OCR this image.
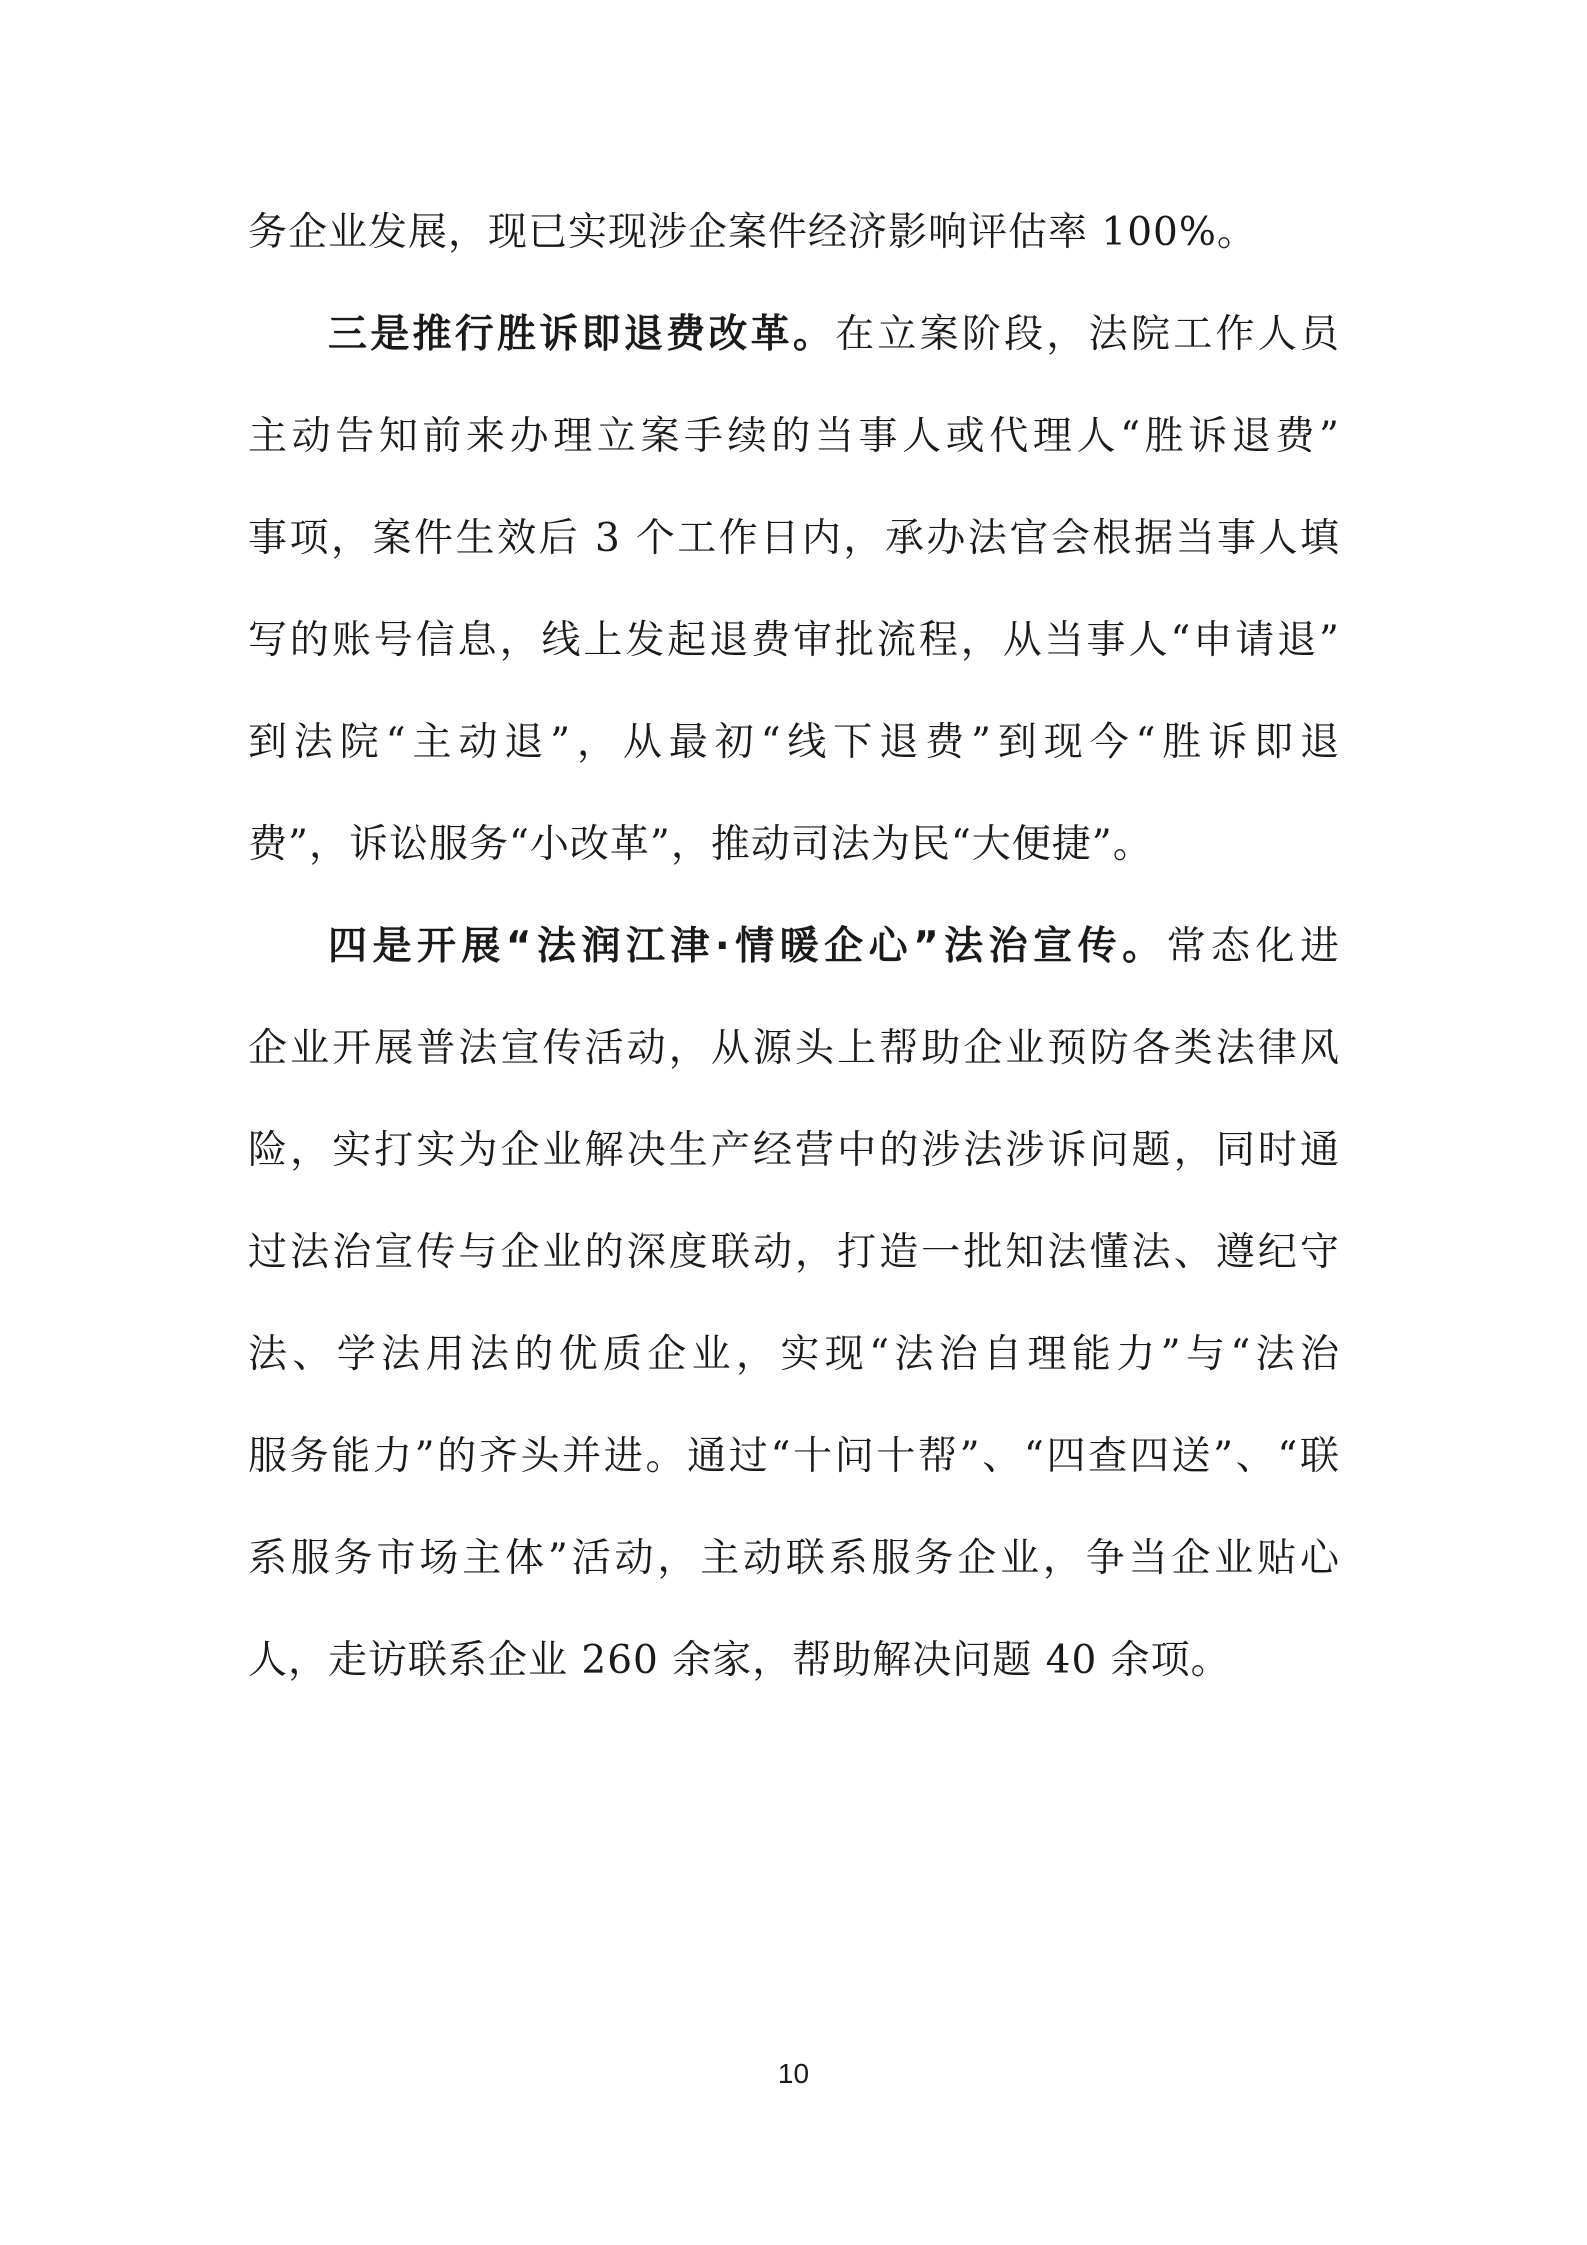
务企业发展，现已实现涉企案件经济影响评估率 100%。
三是推行胜诉即退费改革。在立案阶段，法院工作人员
主动告知前来办理立案手续的当事人或代理人“胜诉退费”
事项，案件生效后 3 个工作日内，承办法官会根据当事人填
写的账号信息，线上发起退费审批流程，从当事人“申请退”
到法院“主动退”，从最初“线下退费”到现今“胜诉即退
费”，诉讼服务“小改革”，推动司法为民“大便捷”。
四是开展“法润江津·情暖企心”法治宣传。常态化进
企业开展普法宣传活动，从源头上帮助企业预防各类法律风
险，实打实为企业解决生产经营中的涉法涉诉问题，同时通
过法治宣传与企业的深度联动，打造一批知法懂法、遵纪守
法、学法用法的优质企业，实现“法治自理能力”与“法治
服务能力”的齐头并进。通过“十问十帮”、“四查四送”、“联
系服务市场主体”活动，主动联系服务企业，争当企业贴心
人，走访联系企业 260 余家，帮助解决问题 40 余项。
10
